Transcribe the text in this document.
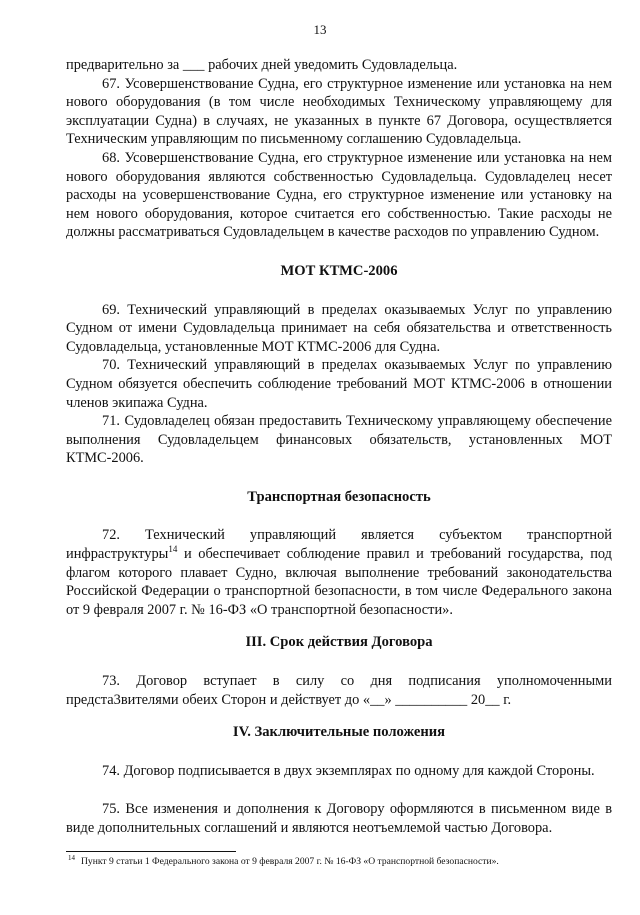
13

предварительно за ___ рабочих дней уведомить Судовладельца.

67. Усовершенствование Судна, его структурное изменение или установка на нем нового оборудования (в том числе необходимых Техническому управляющему для эксплуатации Судна) в случаях, не указанных в пункте 67 Договора, осуществляется Техническим управляющим по письменному соглашению Судовладельца.

68. Усовершенствование Судна, его структурное изменение или установка на нем нового оборудования являются собственностью Судовладельца. Судовладелец несет расходы на усовершенствование Судна, его структурное изменение или установку на нем нового оборудования, которое считается его собственностью. Такие расходы не должны рассматриваться Судовладельцем в качестве расходов по управлению Судном.

МОТ КТМС-2006

69. Технический управляющий в пределах оказываемых Услуг по управлению Судном от имени Судовладельца принимает на себя обязательства и ответственность Судовладельца, установленные МОТ КТМС-2006 для Судна.

70. Технический управляющий в пределах оказываемых Услуг по управлению Судном обязуется обеспечить соблюдение требований МОТ КТМС-2006 в отношении членов экипажа Судна.

71. Судовладелец обязан предоставить Техническому управляющему обеспечение выполнения Судовладельцем финансовых обязательств, установленных МОТ КТМС-2006.

Транспортная безопасность

72. Технический управляющий является субъектом транспортной инфраструктуры$^{14}$ и обеспечивает соблюдение правил и требований государства, под флагом которого плавает Судно, включая выполнение требований законодательства Российской Федерации о транспортной безопасности, в том числе Федерального закона от 9 февраля 2007 г. № 16-ФЗ «О транспортной безопасности».

III. Срок действия Договора

73. Договор вступает в силу со дня подписания уполномоченными предста3вителями обеих Сторон и действует до «__» __________ 20__ г.

IV. Заключительные положения

74. Договор подписывается в двух экземплярах по одному для каждой Стороны.

75. Все изменения и дополнения к Договору оформляются в письменном виде в виде дополнительных соглашений и являются неотъемлемой частью Договора.

$^{14}$ Пункт 9 статьи 1 Федерального закона от 9 февраля 2007 г. № 16-ФЗ «О транспортной безопасности».
